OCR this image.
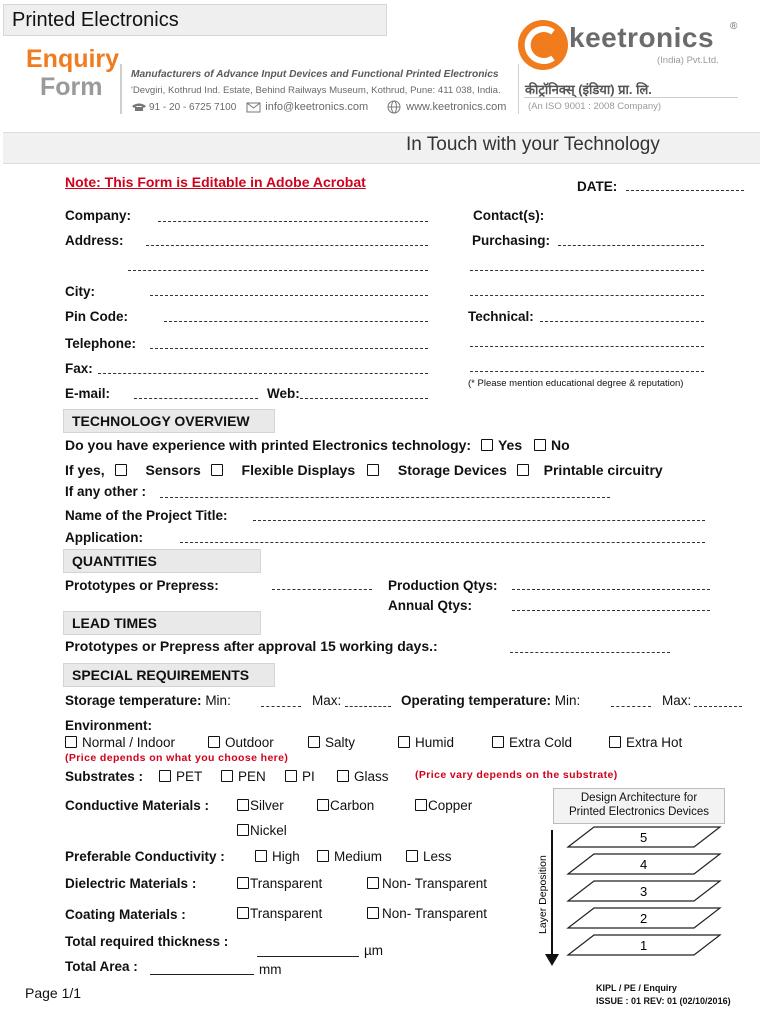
Printed Electronics
Enquiry
Form	Manufacturers of Advance Input Devices and Functional Printed Electronics
'Devgiri, Kothrud Ind. Estate, Behind Railways Museum, Kothrud, Pune: 411 038, India.
91 - 20 - 6725 7100	info@keetronics.com	www.keetronics.com
keetronics ®
(India) Pvt.Ltd.
कीट्रॉनिक्स् (इंडिया) प्रा. लि.
(An ISO 9001 : 2008 Company)
In Touch with your Technology
Note: This Form is Editable in Adobe Acrobat	DATE:
Company:
Address:
City:
Pin Code:
Telephone:
Fax:
E-mail:	Web:
Contact(s):
Purchasing:
Technical:
(* Please mention educational degree & reputation)
TECHNOLOGY OVERVIEW
Do you have experience with printed Electronics technology: Yes No
If yes,	Sensors	Flexible Displays	Storage Devices	Printable circuitry
If any other :
Name of the Project Title:
Application:
QUANTITIES
Prototypes or Prepress:	Production Qtys:
Annual Qtys:
LEAD TIMES
Prototypes or Prepress after approval 15 working days.:
SPECIAL REQUIREMENTS
Storage temperature: Min:	Max:	Operating temperature: Min:	Max:
Environment:
Normal / Indoor	Outdoor	Salty	Humid	Extra Cold	Extra Hot
(Price depends on what you choose here)
Substrates :	PET	PEN	PI	Glass	(Price vary depends on the substrate)
Conductive Materials :	Silver	Carbon	Copper
Nickel
Preferable Conductivity :	High	Medium	Less
Dielectric Materials :	Transparent	Non- Transparent
Coating Materials :	Transparent	Non- Transparent
Total required thickness :
µm
Total Area :	mm
Design Architecture for
Printed Electronics Devices
Layer Deposition
5
4
3
2
1
Page 1/1	KIPL / PE / Enquiry
ISSUE : 01 REV: 01 (02/10/2016)
